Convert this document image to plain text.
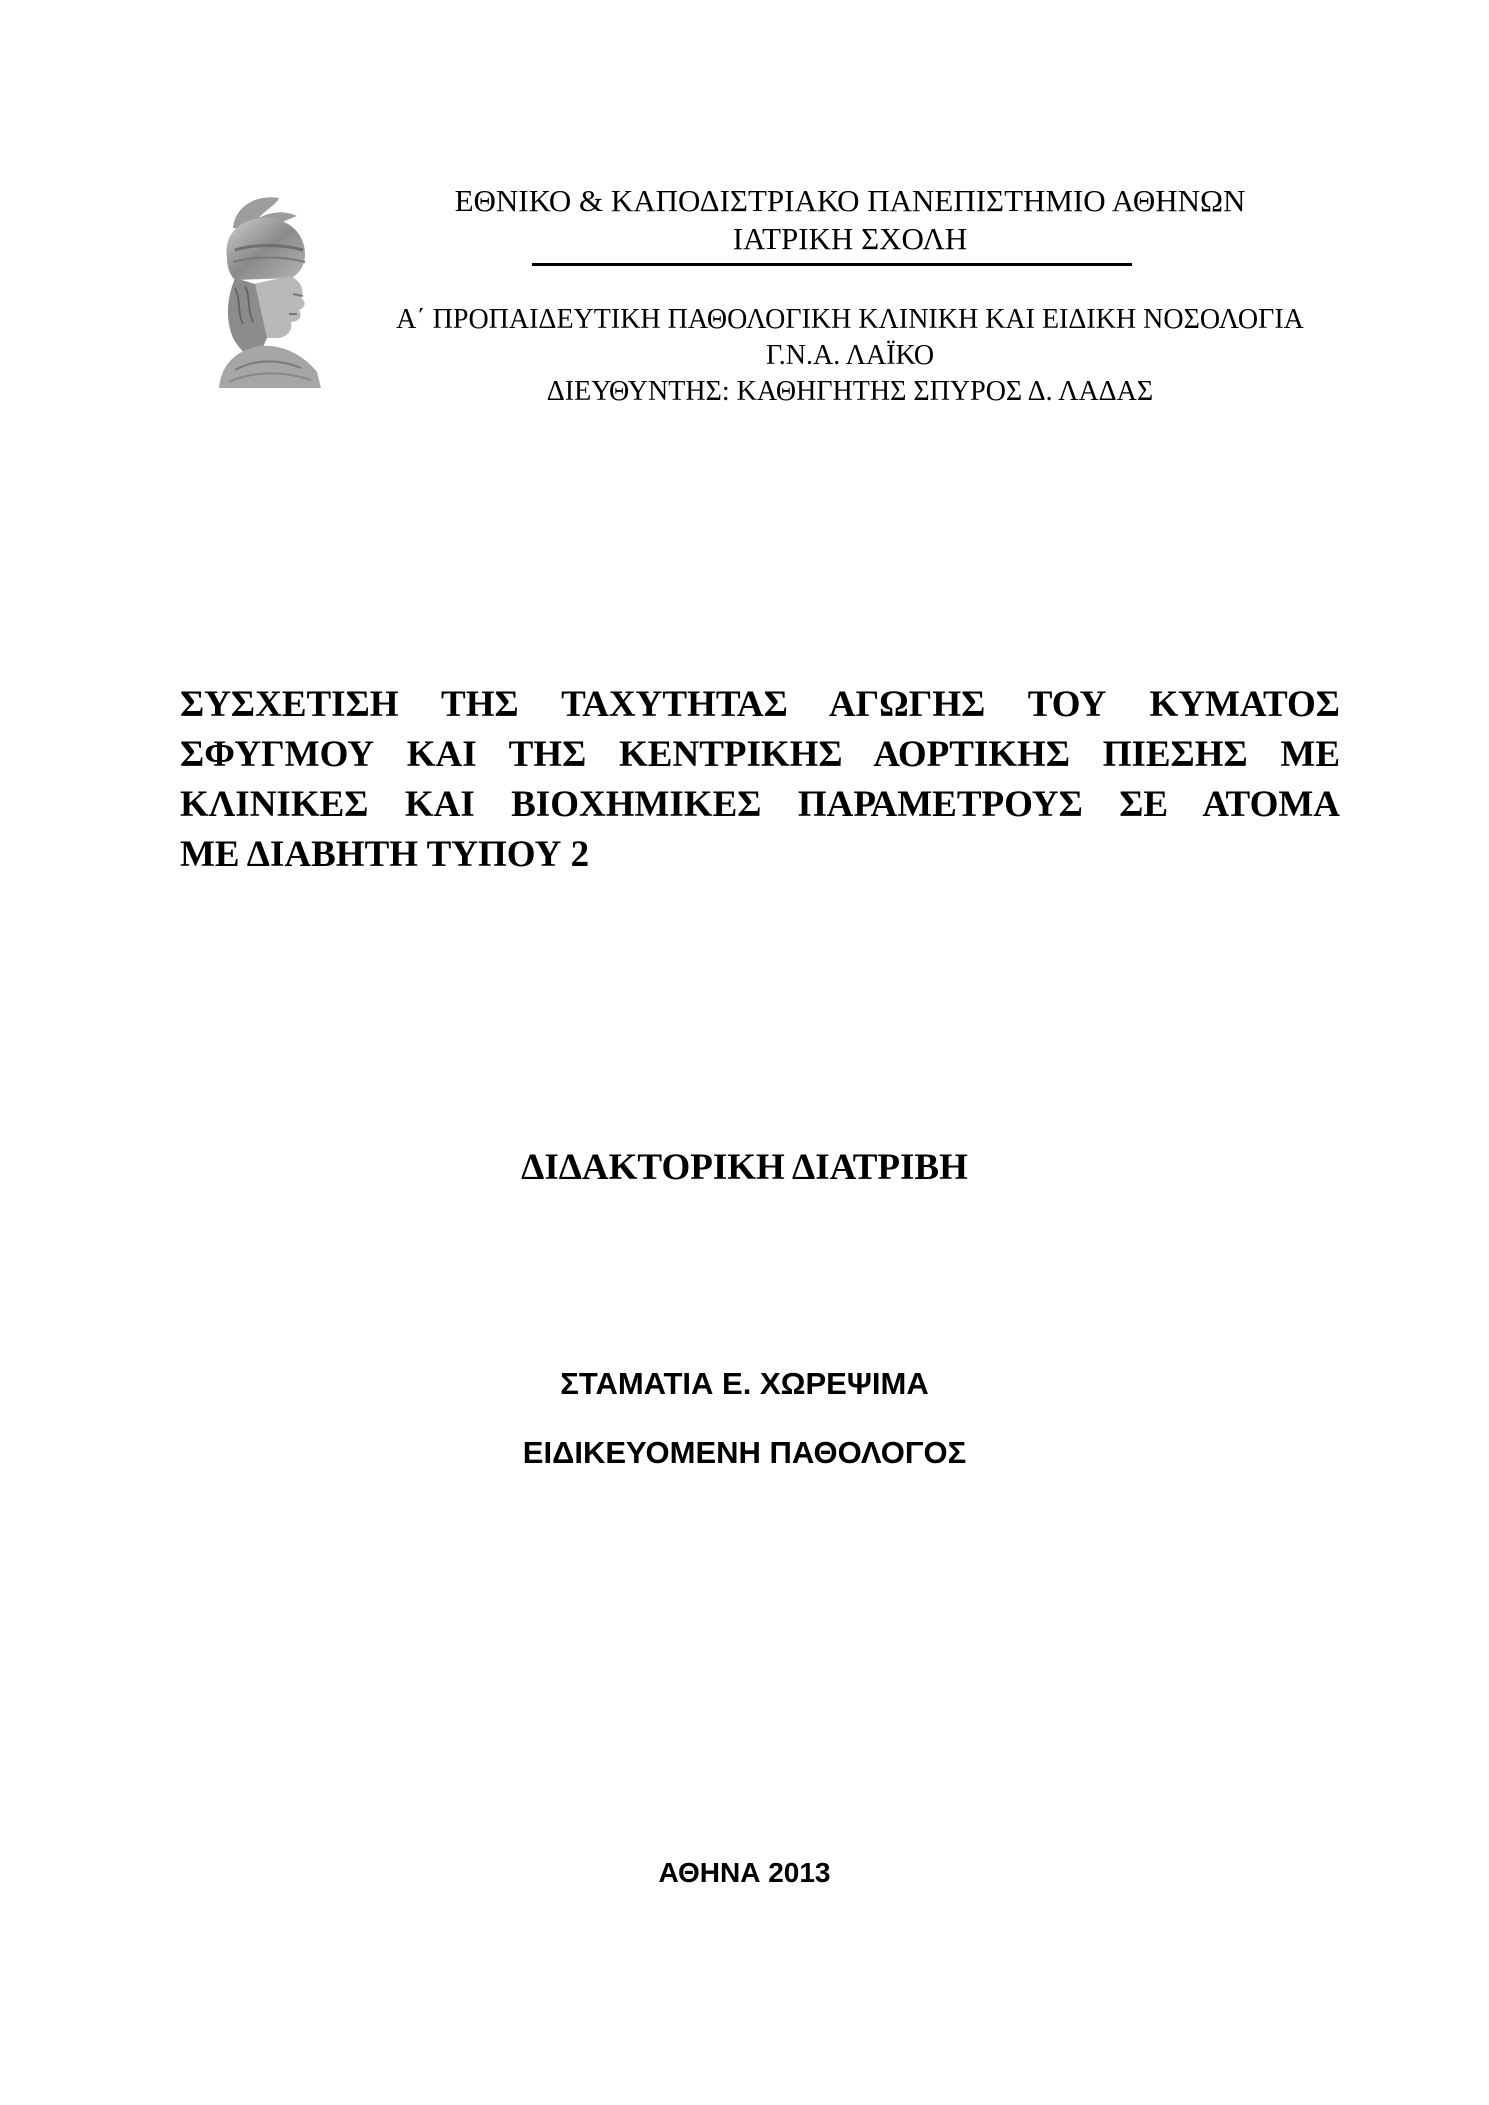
ΕΘΝΙΚΟ & ΚΑΠΟΔΙΣΤΡΙΑΚΟ ΠΑΝΕΠΙΣΤΗΜΙΟ ΑΘΗΝΩΝ
ΙΑΤΡΙΚΗ ΣΧΟΛΗ
Α΄ ΠΡΟΠΑΙΔΕΥΤΙΚΗ ΠΑΘΟΛΟΓΙΚΗ ΚΛΙΝΙΚΗ ΚΑΙ ΕΙΔΙΚΗ ΝΟΣΟΛΟΓΙΑ
Γ.Ν.Α. ΛΑΪΚΟ
ΔΙΕΥΘΥΝΤΗΣ: ΚΑΘΗΓΗΤΗΣ ΣΠΥΡΟΣ Δ. ΛΑΔΑΣ
ΣΥΣΧΕΤΙΣΗ ΤΗΣ ΤΑΧΥΤΗΤΑΣ ΑΓΩΓΗΣ ΤΟΥ ΚΥΜΑΤΟΣ
ΣΦΥΓΜΟΥ ΚΑΙ ΤΗΣ ΚΕΝΤΡΙΚΗΣ ΑΟΡΤΙΚΗΣ ΠΙΕΣΗΣ ΜΕ
ΚΛΙΝΙΚΕΣ ΚΑΙ ΒΙΟΧΗΜΙΚΕΣ ΠΑΡΑΜΕΤΡΟΥΣ ΣΕ ΑΤΟΜΑ
ΜΕ ΔΙΑΒΗΤΗ ΤΥΠΟΥ 2
ΔΙΔΑΚΤΟΡΙΚΗ ΔΙΑΤΡΙΒΗ
ΣΤΑΜΑΤΙΑ Ε. ΧΩΡΕΨΙΜΑ
ΕΙΔΙΚΕΥΟΜΕΝΗ ΠΑΘΟΛΟΓΟΣ
ΑΘΗΝΑ 2013
